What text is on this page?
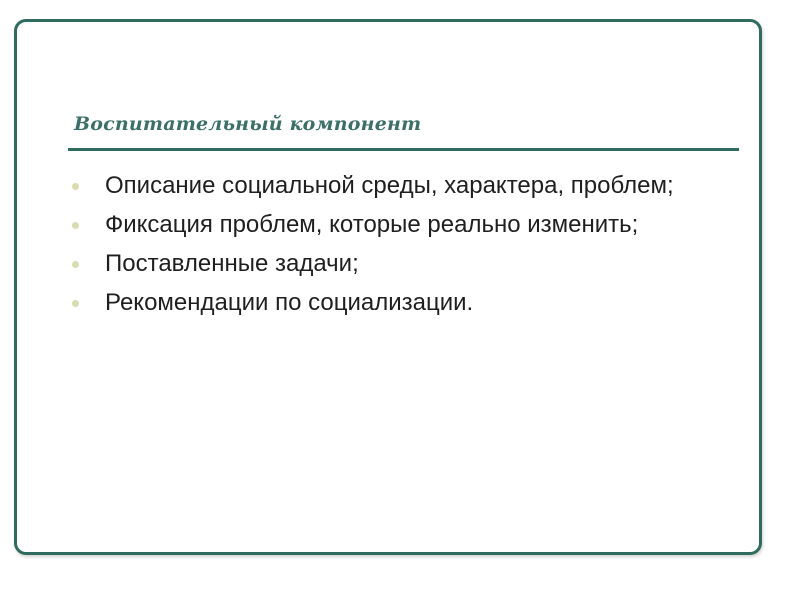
Воспитательный компонент
Описание социальной среды, характера, проблем;
Фиксация проблем, которые реально изменить;
Поставленные задачи;
Рекомендации по социализации.
